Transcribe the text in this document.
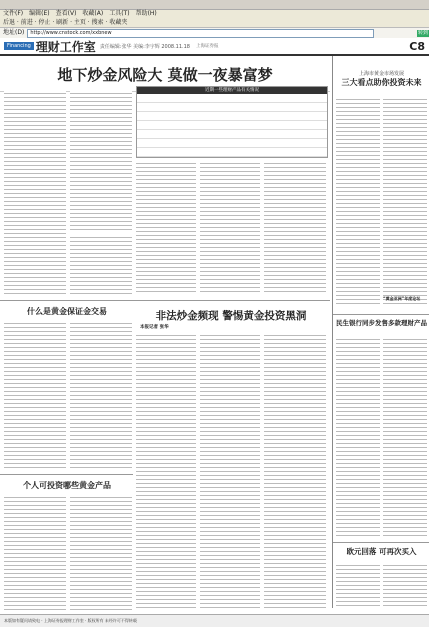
文件(F) 编辑(E) 查看(V) 收藏(A) 工具(T) 帮助(H)
后退 · 前进 · 停止 · 刷新 · 主页 · 搜索 · 收藏夹
地址(D)	http://www.cnstock.com/xxbnew	转到
Financing 理财工作室 责任编辑:张华 美编:李宇辉 2008.11.18 上海证券报	C8
地下炒金风险大 莫做一夜暴富梦
近期一些理财产品有关情况
什么是黄金保证金交易	非法炒金频现 警惕黄金投资黑洞
本报记者 张华
个人可投资哪些黄金产品
上海市黄金市场发展
三大看点助你投资未来
“黄金亚洲”年度论坛
民生银行同步发售多款理财产品
欧元回落 可再次买入
本版如有疑问请致电 · 上海证券报理财工作室 · 版权所有 未经许可不得转载
